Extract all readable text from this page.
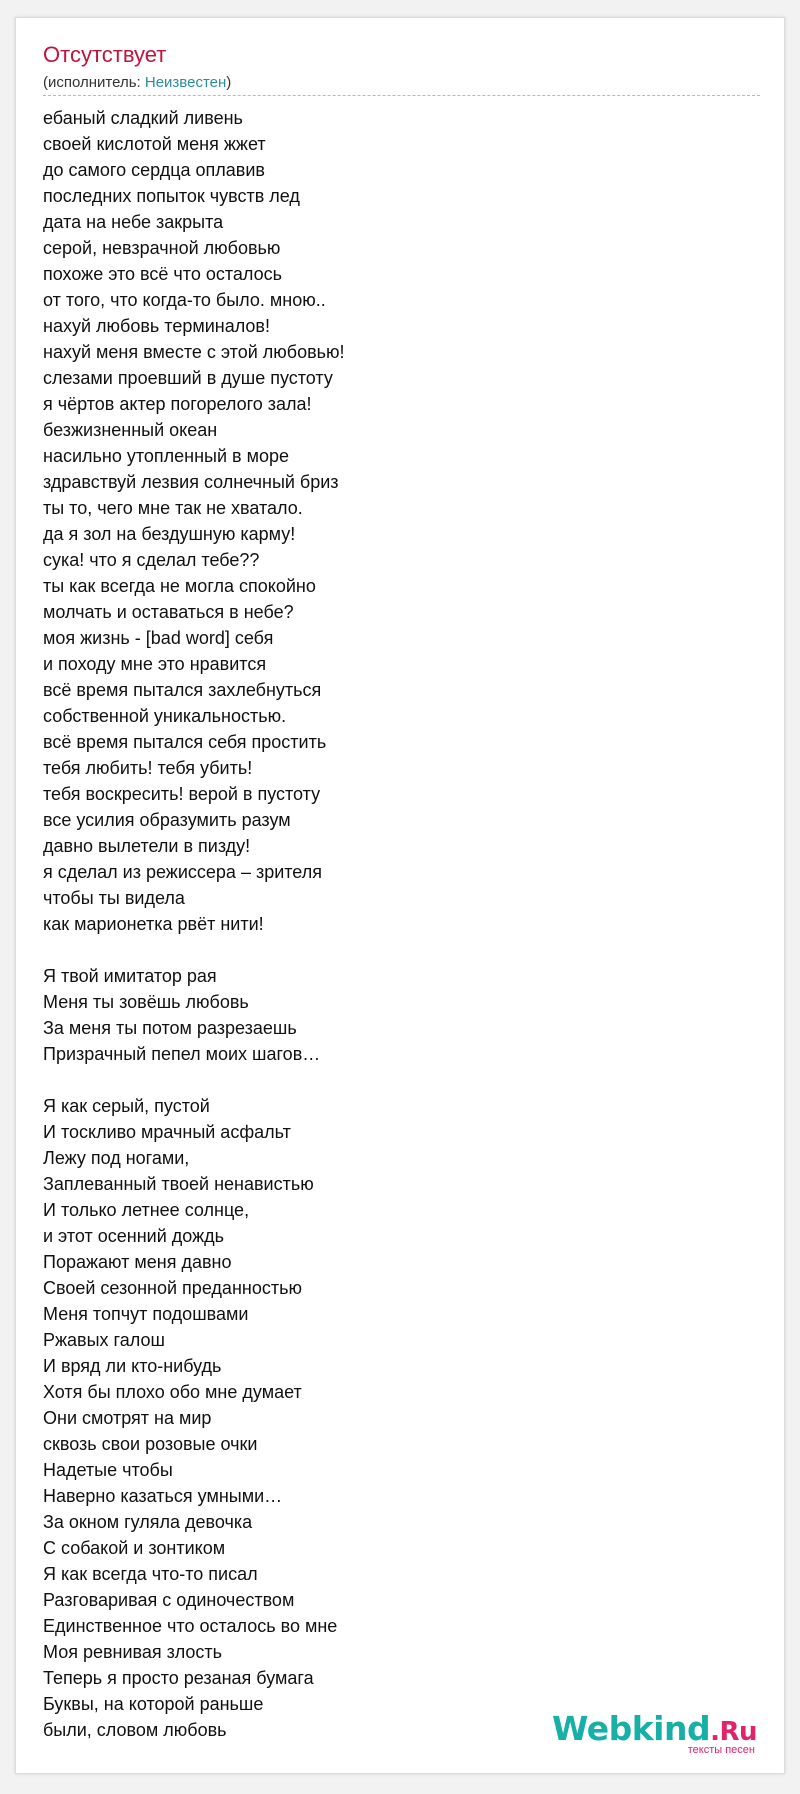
Отсутствует
(исполнитель: Неизвестен)
ебаный сладкий ливень
своей кислотой меня жжет
до самого сердца оплавив
последних попыток чувств лед
дата на небе закрыта
серой, невзрачной любовью
похоже это всё что осталось
от того, что когда-то было. мною..
нахуй любовь терминалов!
нахуй меня вместе с этой любовью!
слезами проевший в душе пустоту
я чёртов актер погорелого зала!
безжизненный океан
насильно утопленный в море
здравствуй лезвия солнечный бриз
ты то, чего мне так не хватало.
да я зол на бездушную карму!
сука! что я сделал тебе??
ты как всегда не могла спокойно
молчать и оставаться в небе?
моя жизнь - [bad word] себя
и походу мне это нравится
всё время пытался захлебнуться
собственной уникальностью.
всё время пытался себя простить
тебя любить! тебя убить!
тебя воскресить! верой в пустоту
все усилия образумить разум
давно вылетели в пизду!
я сделал из режиссера – зрителя
чтобы ты видела
как марионетка рвёт нити!

Я твой имитатор рая
Меня ты зовёшь любовь
За меня ты потом разрезаешь
Призрачный пепел моих шагов…

Я как серый, пустой
И тоскливо мрачный асфальт
Лежу под ногами,
Заплеванный твоей ненавистью
И только летнее солнце,
и этот осенний дождь
Поражают меня давно
Своей сезонной преданностью
Меня топчут подошвами
Ржавых галош
И вряд ли кто-нибудь
Хотя бы плохо обо мне думает
Они смотрят на мир
сквозь свои розовые очки
Надетые чтобы
Наверно казаться умными…
За окном гуляла девочка
С собакой и зонтиком
Я как всегда что-то писал
Разговаривая с одиночеством
Единственное что осталось во мне
Моя ревнивая злость
Теперь я просто резаная бумага
Буквы, на которой раньше
были, словом любовь	Webkind.Ru
тексты песен
